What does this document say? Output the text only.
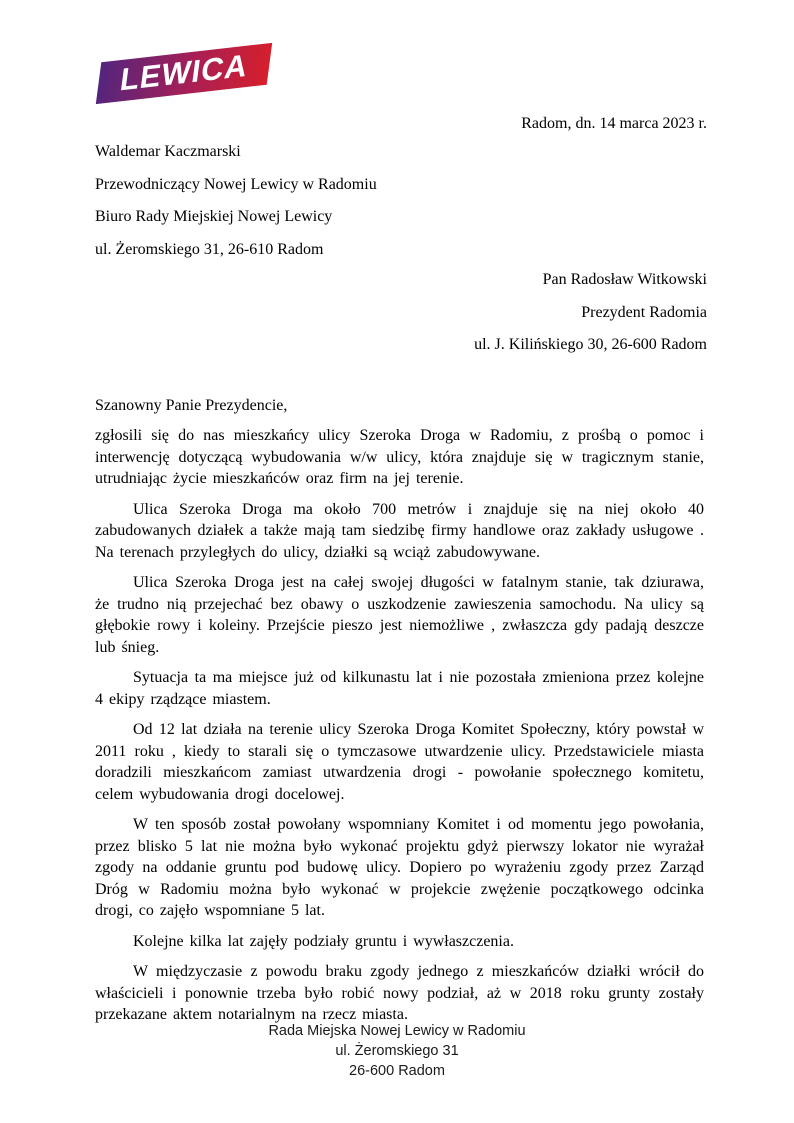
LEWICA
Radom, dn. 14 marca 2023 r.

Waldemar Kaczmarski

Przewodniczący Nowej Lewicy w Radomiu

Biuro Rady Miejskiej Nowej Lewicy

ul. Żeromskiego 31, 26-610 Radom

Pan Radosław Witkowski

Prezydent Radomia

ul. J. Kilińskiego 30, 26-600 Radom

Szanowny Panie Prezydencie,

zgłosili się do nas mieszkańcy ulicy Szeroka Droga w Radomiu, z prośbą o pomoc i interwencję dotyczącą wybudowania w/w ulicy, która znajduje się w tragicznym stanie, utrudniając życie mieszkańców oraz firm na jej terenie.

Ulica Szeroka Droga ma około 700 metrów i znajduje się na niej około 40 zabudowanych działek a także mają tam siedzibę firmy handlowe oraz zakłady usługowe . Na terenach przyległych do ulicy, działki są wciąż zabudowywane.

Ulica Szeroka Droga jest na całej swojej długości w fatalnym stanie, tak dziurawa, że trudno nią przejechać bez obawy o uszkodzenie zawieszenia samochodu. Na ulicy są głębokie rowy i koleiny. Przejście pieszo jest niemożliwe , zwłaszcza gdy padają deszcze lub śnieg.

Sytuacja ta ma miejsce już od kilkunastu lat i nie pozostała zmieniona przez kolejne 4 ekipy rządzące miastem.

Od 12 lat działa na terenie ulicy Szeroka Droga Komitet Społeczny, który powstał w 2011 roku , kiedy to starali się o tymczasowe utwardzenie ulicy. Przedstawiciele miasta doradzili mieszkańcom zamiast utwardzenia drogi - powołanie społecznego komitetu, celem wybudowania drogi docelowej.

W ten sposób został powołany wspomniany Komitet i od momentu jego powołania, przez blisko 5 lat nie można było wykonać projektu gdyż pierwszy lokator nie wyrażał zgody na oddanie gruntu pod budowę ulicy. Dopiero po wyrażeniu zgody przez Zarząd Dróg w Radomiu można było wykonać w projekcie zwężenie początkowego odcinka drogi, co zajęło wspomniane 5 lat.

Kolejne kilka lat zajęły podziały gruntu i wywłaszczenia.

W międzyczasie z powodu braku zgody jednego z mieszkańców działki wrócił do właścicieli i ponownie trzeba było robić nowy podział, aż w 2018 roku grunty zostały przekazane aktem notarialnym na rzecz miasta.

Rada Miejska Nowej Lewicy w Radomiu
ul. Żeromskiego 31
26-600 Radom
